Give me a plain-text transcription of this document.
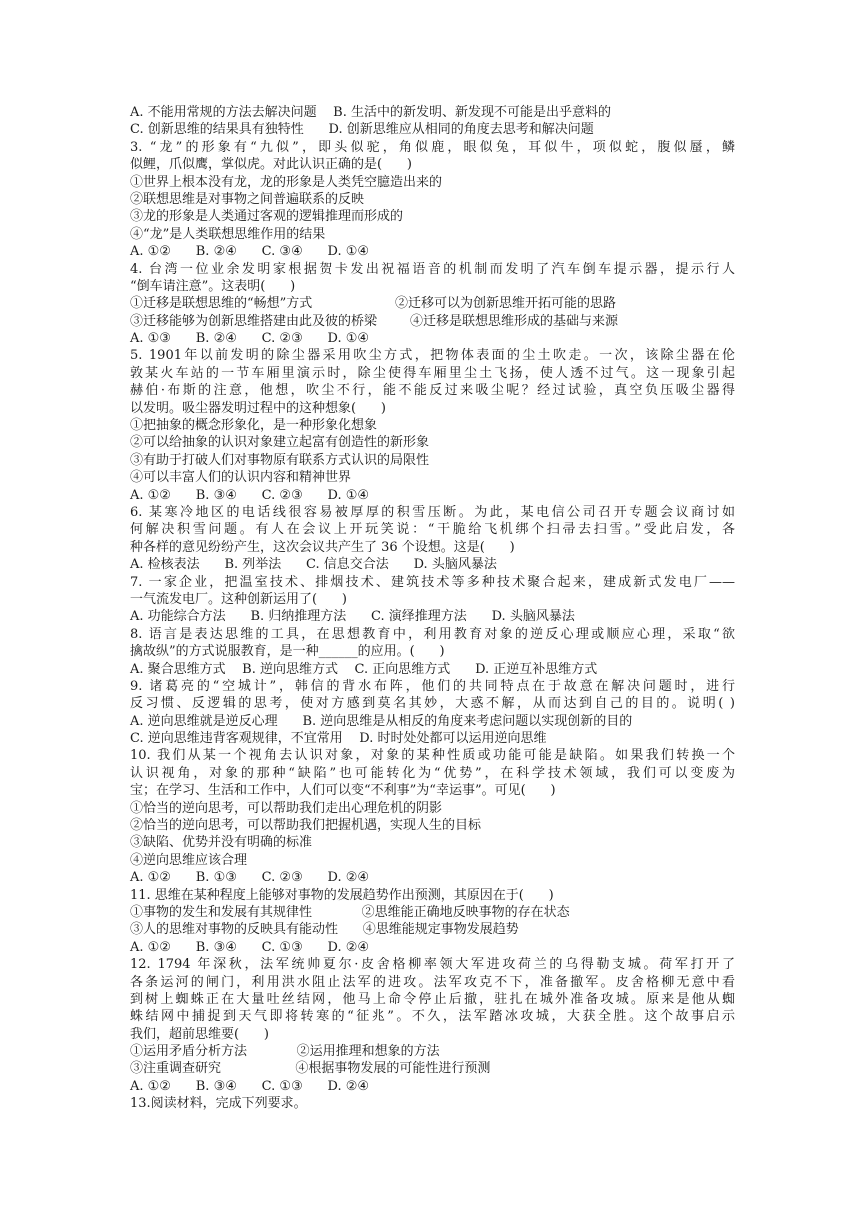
A. 不能用常规的方法去解决问题    B. 生活中的新发明、新发现不可能是出乎意料的
C. 创新思维的结果具有独特性      D. 创新思维应从相同的角度去思考和解决问题
3. “龙”的形象有“九似”，即头似驼，角似鹿，眼似兔，耳似牛，项似蛇，腹似蜃，鳞
似鲤，爪似鹰，掌似虎。对此认识正确的是(      )
①世界上根本没有龙，龙的形象是人类凭空臆造出来的
②联想思维是对事物之间普遍联系的反映
③龙的形象是人类通过客观的逻辑推理而形成的
④“龙”是人类联想思维作用的结果
A. ①②      B. ②④      C. ③④      D. ①④
4. 台湾一位业余发明家根据贺卡发出祝福语音的机制而发明了汽车倒车提示器，提示行人
“倒车请注意”。这表明(      )
①迁移是联想思维的“畅想”方式                    ②迁移可以为创新思维开拓可能的思路
③迁移能够为创新思维搭建由此及彼的桥梁        ④迁移是联想思维形成的基础与来源
A. ①③      B. ②④      C. ②③      D. ①④
5. 1901年以前发明的除尘器采用吹尘方式，把物体表面的尘土吹走。一次，该除尘器在伦
敦某火车站的一节车厢里演示时，除尘使得车厢里尘土飞扬，使人透不过气。这一现象引起
赫伯·布斯的注意，他想，吹尘不行，能不能反过来吸尘呢？经过试验，真空负压吸尘器得
以发明。吸尘器发明过程中的这种想象(      )
①把抽象的概念形象化，是一种形象化想象
②可以给抽象的认识对象建立起富有创造性的新形象
③有助于打破人们对事物原有联系方式认识的局限性
④可以丰富人们的认识内容和精神世界
A. ①②      B. ③④      C. ②③      D. ①④
6. 某寒冷地区的电话线很容易被厚厚的积雪压断。为此，某电信公司召开专题会议商讨如
何解决积雪问题。有人在会议上开玩笑说：“干脆给飞机绑个扫帚去扫雪。”受此启发，各
种各样的意见纷纷产生，这次会议共产生了 36 个设想。这是(      )
A. 检核表法      B. 列举法      C. 信息交合法      D. 头脑风暴法
7. 一家企业，把温室技术、排烟技术、建筑技术等多种技术聚合起来，建成新式发电厂——
一气流发电厂。这种创新运用了(      )
A. 功能综合方法      B. 归纳推理方法      C. 演绎推理方法      D. 头脑风暴法
8. 语言是表达思维的工具，在思想教育中，利用教育对象的逆反心理或顺应心理，采取“欲
擒故纵”的方式说服教育，是一种______的应用。(      )
A. 聚合思维方式    B. 逆向思维方式    C. 正向思维方式      D. 正逆互补思维方式
9. 诸葛亮的“空城计”，韩信的背水布阵，他们的共同特点在于故意在解决问题时，进行
反习惯、反逻辑的思考，使对方感到莫名其妙，大惑不解，从而达到自己的目的。说明( )
A. 逆向思维就是逆反心理      B. 逆向思维是从相反的角度来考虑问题以实现创新的目的
C. 逆向思维违背客观规律，不宜常用    D. 时时处处都可以运用逆向思维
10. 我们从某一个视角去认识对象，对象的某种性质或功能可能是缺陷。如果我们转换一个
认识视角，对象的那种“缺陷”也可能转化为“优势”，在科学技术领域，我们可以变废为
宝；在学习、生活和工作中，人们可以变“不利事”为“幸运事”。可见(      )
①恰当的逆向思考，可以帮助我们走出心理危机的阴影
②恰当的逆向思考，可以帮助我们把握机遇，实现人生的目标
③缺陷、优势并没有明确的标准
④逆向思维应该合理
A. ①②      B. ①③      C. ②③      D. ②④
11. 思维在某种程度上能够对事物的发展趋势作出预测，其原因在于(      )
①事物的发生和发展有其规律性            ②思维能正确地反映事物的存在状态
③人的思维对事物的反映具有能动性      ④思维能规定事物发展趋势
A. ①②      B. ③④      C. ①③      D. ②④
12. 1794 年深秋，法军统帅夏尔·皮舍格柳率领大军进攻荷兰的乌得勒支城。荷军打开了
各条运河的闸门，利用洪水阻止法军的进攻。法军攻克不下，准备撤军。皮舍格柳无意中看
到树上蜘蛛正在大量吐丝结网，他马上命令停止后撤，驻扎在城外准备攻城。原来是他从蜘
蛛结网中捕捉到天气即将转寒的“征兆”。不久，法军踏冰攻城，大获全胜。这个故事启示
我们，超前思维要(      )
①运用矛盾分析方法            ②运用推理和想象的方法
③注重调查研究                  ④根据事物发展的可能性进行预测
A. ①②      B. ③④      C. ①③      D. ②④
13.阅读材料，完成下列要求。
